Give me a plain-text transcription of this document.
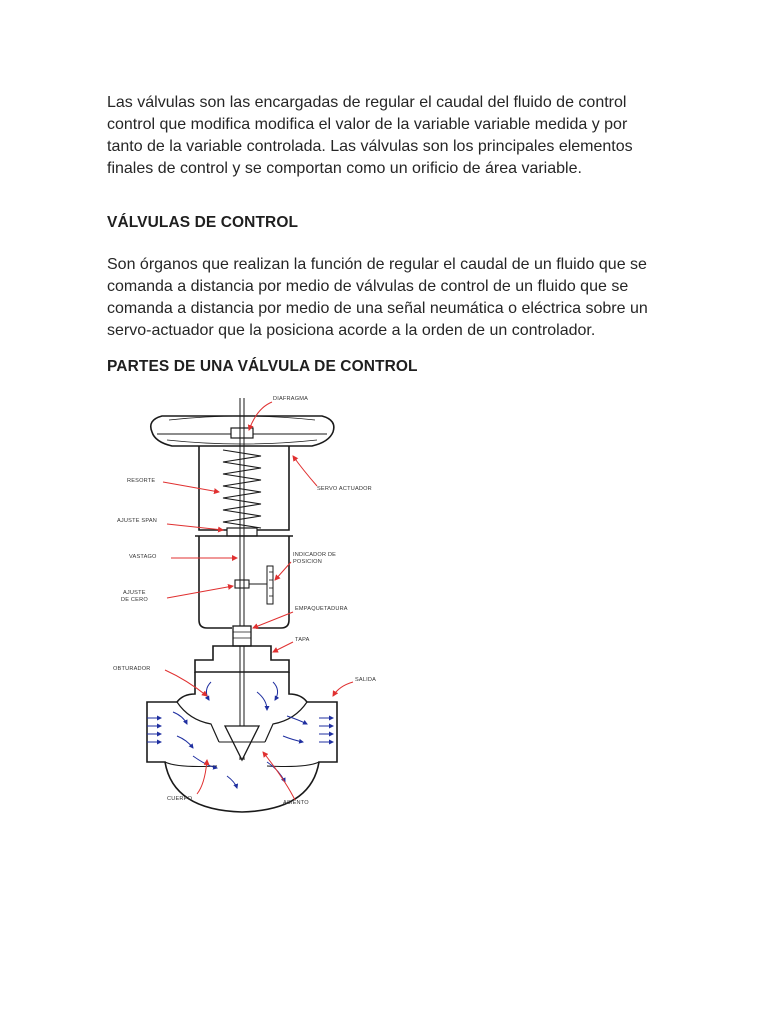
Las válvulas son las encargadas de regular el caudal del fluido de control control que modifica modifica el valor de la variable variable medida y por tanto de la variable controlada. Las válvulas son los principales elementos finales de control y se comportan como un orificio de área variable.

VÁLVULAS DE CONTROL

Son órganos que realizan la función de regular el caudal de un fluido que se comanda a distancia por medio de válvulas de control de un fluido que se comanda a distancia por medio de una señal neumática o eléctrica sobre un servo-actuador que la posiciona acorde a la orden de un controlador.

PARTES DE UNA VÁLVULA DE CONTROL
DIAFRAGMA
RESORTE
SERVO ACTUADOR
AJUSTE SPAN
VASTAGO	INDICADOR DE
POSICION
AJUSTE
DE CERO
EMPAQUETADURA
TAPA
OBTURADOR
SALIDA
CUERPO
ASIENTO
